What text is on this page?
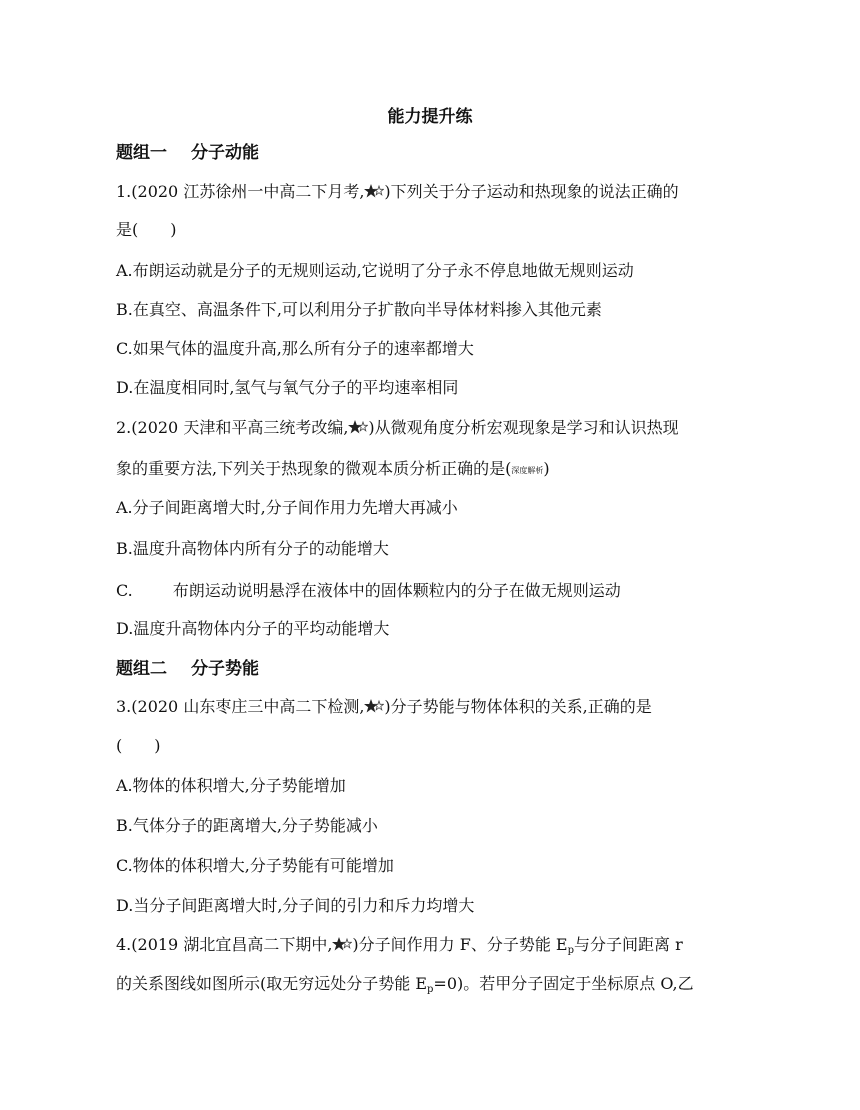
能力提升练
题组一 分子动能
1.(2020 江苏徐州一中高二下月考, )下列关于分子运动和热现象的说法正确的
是(　　)
A.布朗运动就是分子的无规则运动,它说明了分子永不停息地做无规则运动
B.在真空、高温条件下,可以利用分子扩散向半导体材料掺入其他元素
C.如果气体的温度升高,那么所有分子的速率都增大
D.在温度相同时,氢气与氧气分子的平均速率相同
2.(2020 天津和平高三统考改编, )从微观角度分析宏观现象是学习和认识热现
象的重要方法,下列关于热现象的微观本质分析正确的是(深度解析)
A.分子间距离增大时,分子间作用力先增大再减小
B.温度升高物体内所有分子的动能增大
C.	布朗运动说明悬浮在液体中的固体颗粒内的分子在做无规则运动
D.温度升高物体内分子的平均动能增大
题组二 分子势能
3.(2020 山东枣庄三中高二下检测, )分子势能与物体体积的关系,正确的是
(　　)
A.物体的体积增大,分子势能增加
B.气体分子的距离增大,分子势能减小
C.物体的体积增大,分子势能有可能增加
D.当分子间距离增大时,分子间的引力和斥力均增大
4.(2019 湖北宜昌高二下期中, )分子间作用力 F、分子势能 $E_p$与分子间距离 r
的关系图线如图所示(取无穷远处分子势能 $E_p=0$)。若甲分子固定于坐标原点 O,乙
